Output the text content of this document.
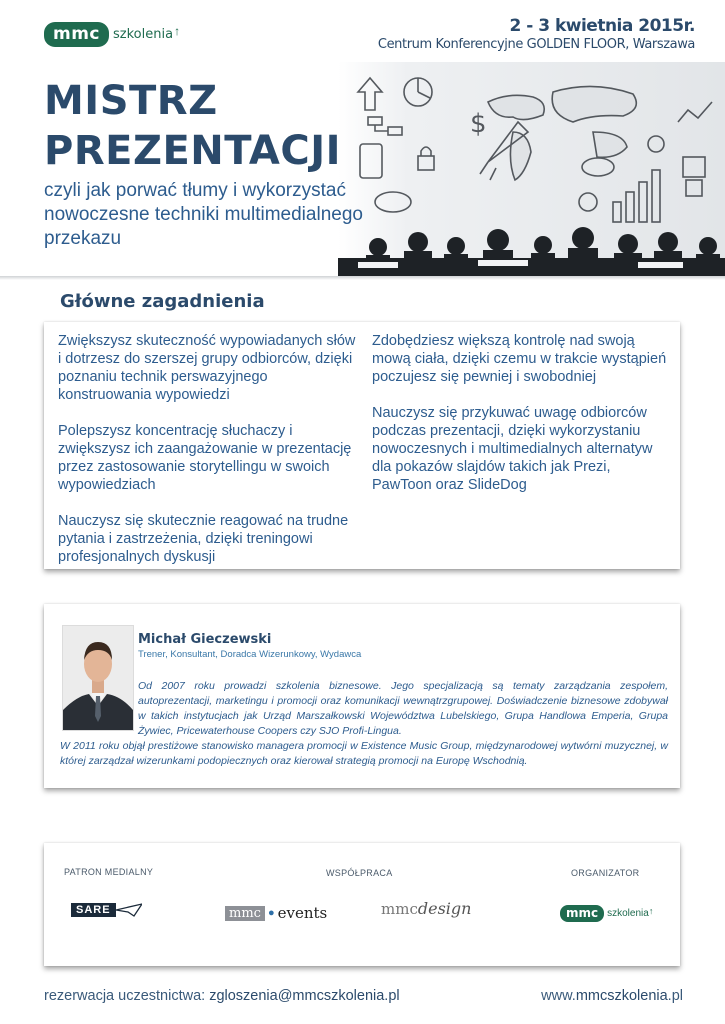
mmc	szkolenia ↑	2 - 3 kwietnia 2015r.
Centrum Konferencyjne GOLDEN FLOOR, Warszawa
$
MISTRZ
PREZENTACJI
czyli jak porwać tłumy i wykorzystać nowoczesne techniki multimedialnego przekazu
Główne zagadnienia

Zwiększysz skuteczność wypowiadanych słów i dotrzesz do szerszej grupy odbiorców, dzięki poznaniu technik perswazyjnego konstruowania wypowiedzi

Polepszysz koncentrację słuchaczy i zwiększysz ich zaangażowanie w prezentację przez zastosowanie storytellingu w swoich wypowiedziach

Nauczysz się skutecznie reagować na trudne pytania i zastrzeżenia, dzięki treningowi profesjonalnych dyskusji

Zdobędziesz większą kontrolę nad swoją mową ciała, dzięki czemu w trakcie wystąpień poczujesz się pewniej i swobodniej

Nauczysz się przykuwać uwagę odbiorców podczas prezentacji, dzięki wykorzystaniu nowoczesnych i multimedialnych alternatyw dla pokazów slajdów takich jak Prezi, PawToon oraz SlideDog

Michał Gieczewski
Trener, Konsultant, Doradca Wizerunkowy, Wydawca
Od 2007 roku prowadzi szkolenia biznesowe. Jego specjalizacją są tematy zarządzania zespołem, autoprezentacji, marketingu i promocji oraz komunikacji wewnątrzgrupowej. Doświadczenie biznesowe zdobywał w takich instytucjach jak Urząd Marszałkowski Województwa Lubelskiego, Grupa Handlowa Emperia, Grupa Żywiec, Pricewaterhouse Coopers czy SJO Profi-Lingua.
W 2011 roku objął prestiżowe stanowisko managera promocji w Existence Music Group, międzynarodowej wytwórni muzycznej, w której zarządzał wizerunkami podopiecznych oraz kierował strategią promocji na Europę Wschodnią.
PATRON MEDIALNY	WSPÓŁPRACA	ORGANIZATOR
SARE	mmc ● events	mmc design	mmc szkolenia ↑
rezerwacja uczestnictwa: zgloszenia@mmcszkolenia.pl	www.mmcszkolenia.pl
